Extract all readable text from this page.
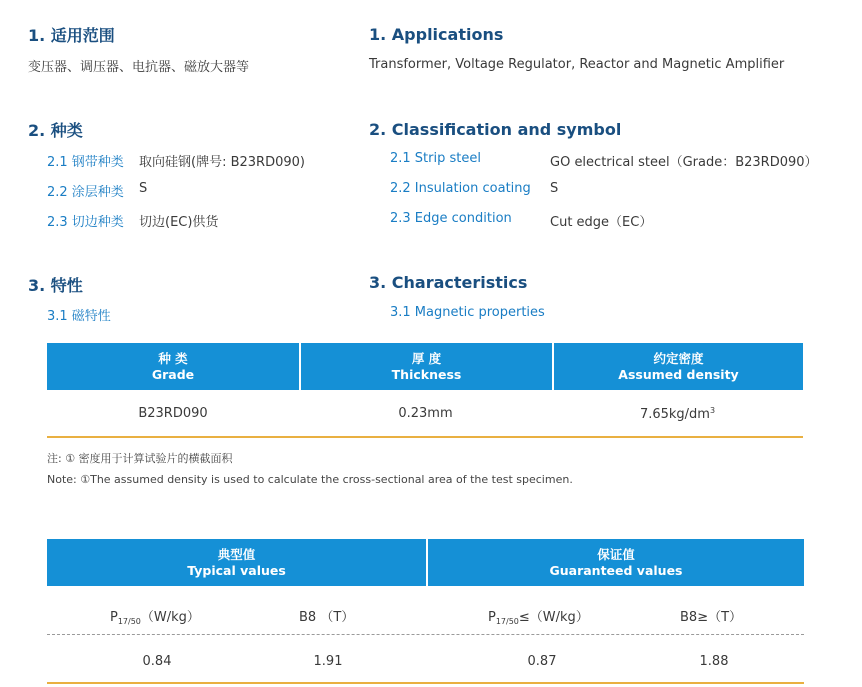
1. 适用范围
变压器、调压器、电抗器、磁放大器等
2. 种类
2.1 钢带种类 取向硅钢(牌号: B23RD090)
2.2 涂层种类 S
2.3 切边种类 切边(EC)供货
3. 特性
3.1 磁特性
1. Applications
Transformer, Voltage Regulator, Reactor and Magnetic Amplifier
2. Classification and symbol
2.1 Strip steel	GO electrical steel（Grade：B23RD090）
2.2 Insulation coating S
2.3 Edge condition	Cut edge（EC）
3. Characteristics
3.1 Magnetic properties
种 类
Grade
厚 度
Thickness
约定密度
Assumed density
B23RD090	0.23mm	$7.65kg/dm^3$
注: ① 密度用于计算试验片的横截面积
Note: ①The assumed density is used to calculate the cross-sectional area of the test specimen.
典型值
Typical values
保证值
Guaranteed values
$P_{17/50}(W/kg)$	B8 （T）	$P_{17/50}\le(W/kg)$	B8≥（T）
0.84	1.91	0.87	1.88
